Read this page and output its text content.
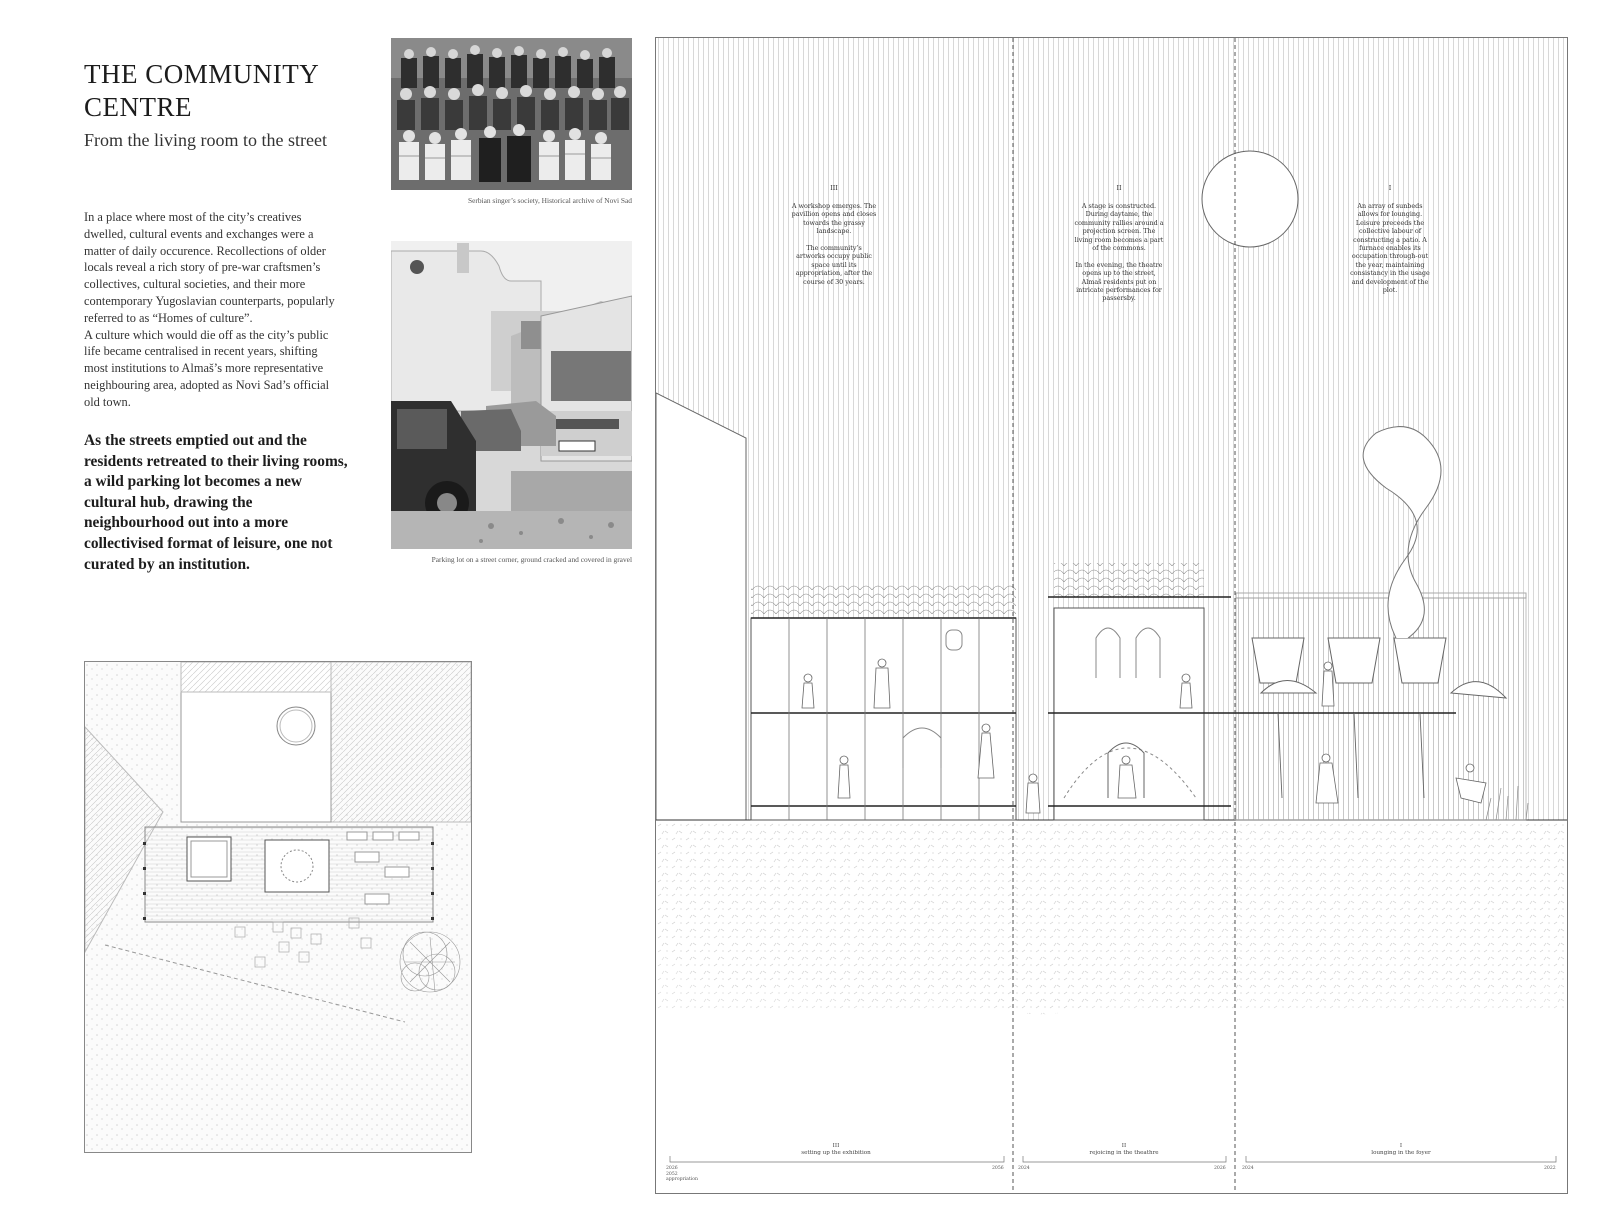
THE COMMUNITY CENTRE
From the living room to the street

In a place where most of the city’s creatives dwelled, cultural events and exchanges were a matter of daily occurence. Recollections of older locals reveal a rich story of pre-war craftsmen’s collectives, cultural societies, and their more contemporary Yugoslavian counterparts, popularly referred to as “Homes of culture”.

A culture which would die off as the city’s public life became centralised in recent years, shifting most institutions to Almaš’s more representative neighbouring area, adopted as Novi Sad’s official old town.

As the streets emptied out and the residents retreated to their living rooms, a wild parking lot becomes a new cultural hub, drawing the neighbourhood out into a more collectivised format of leisure, one not curated by an institution.
Serbian singer’s society, Historical archive of Novi Sad
Parking lot on a street corner, ground cracked and covered in gravel
III
A workshop emerges. The pavillion opens and closes towards the grassy landscape.

The community’s artworks occupy public space until its appropriation, after the course of 30 years.
II
A stage is constructed. During daytame, the community rallies around a projection screen. The living room becomes a part of the commons.

In the evening, the theatre opens up to the street, Almaš residents put on intricate performances for passersby.
I
An array of sunbeds allows for lounging. Leisure preceeds the collective labour of constructing a patio. A furnace enables its occupation through-out the year, maintaining consistancy in the usage and development of the plot.
III
setting up the exhibition
2026
2052
appropriation
2056
II
rejoicing in the theathre
2024	2026
I
lounging in the foyer
2024	2022
